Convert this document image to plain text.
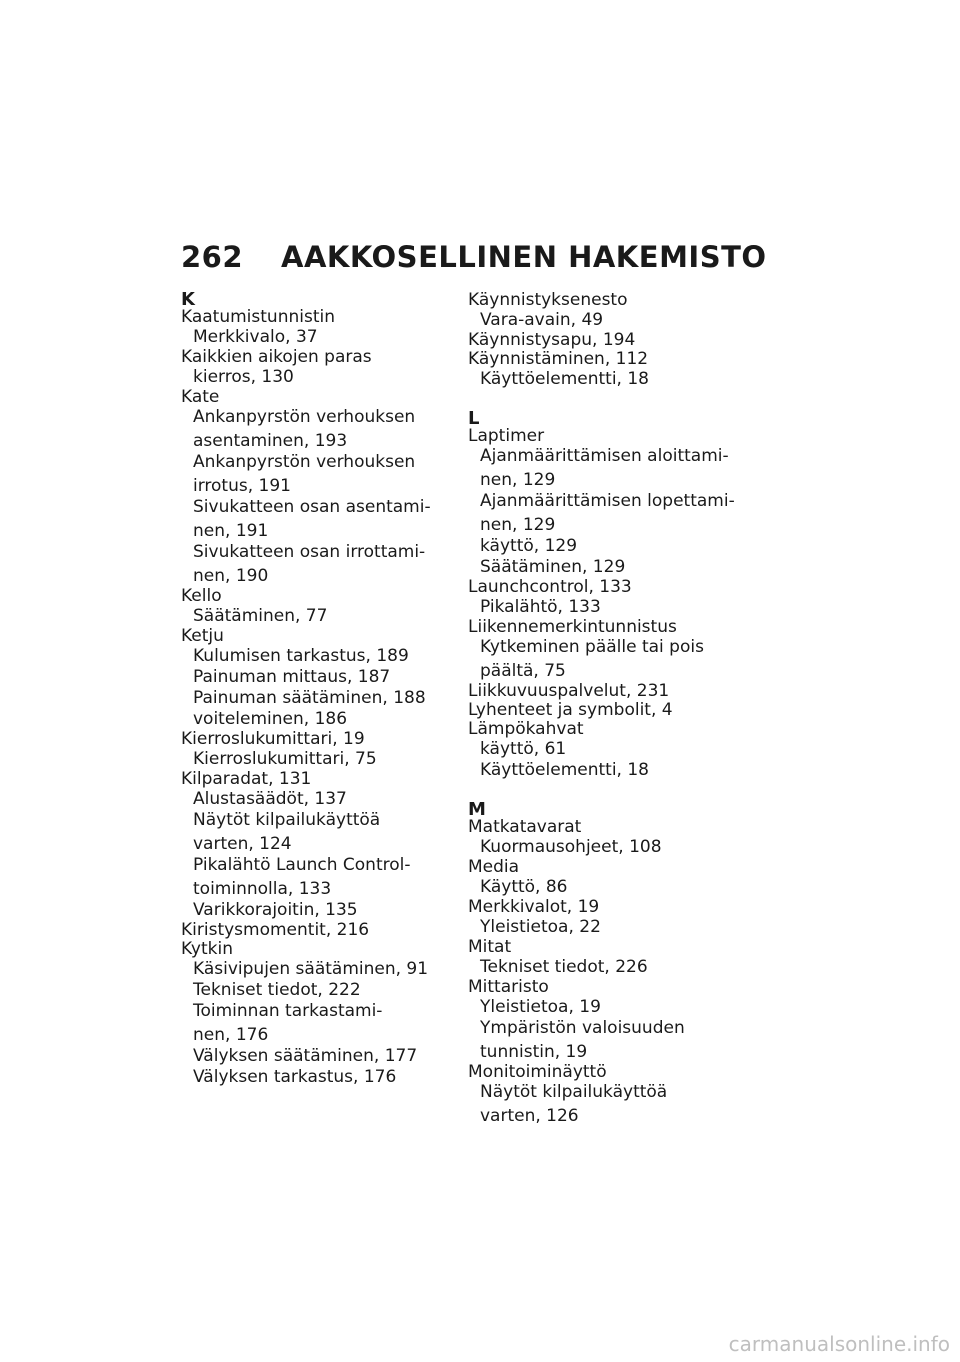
262 AAKKOSELLINEN HAKEMISTO
K
Kaatumistunnistin
Merkkivalo, 37
Kaikkien aikojen paras
kierros, 130
Kate
Ankanpyrstön verhouksen
asentaminen, 193
Ankanpyrstön verhouksen
irrotus, 191
Sivukatteen osan asentami-
nen, 191
Sivukatteen osan irrottami-
nen, 190
Kello
Säätäminen, 77
Ketju
Kulumisen tarkastus, 189
Painuman mittaus, 187
Painuman säätäminen, 188
voiteleminen, 186
Kierroslukumittari, 19
Kierroslukumittari, 75
Kilparadat, 131
Alustasäädöt, 137
Näytöt kilpailukäyttöä
varten, 124
Pikalähtö Launch Control-
toiminnolla, 133
Varikkorajoitin, 135
Kiristysmomentit, 216
Kytkin
Käsivipujen säätäminen, 91
Tekniset tiedot, 222
Toiminnan tarkastami-
nen, 176
Välyksen säätäminen, 177
Välyksen tarkastus, 176
Käynnistyksenesto
Vara-avain, 49
Käynnistysapu, 194
Käynnistäminen, 112
Käyttöelementti, 18
L
Laptimer
Ajanmäärittämisen aloittami-
nen, 129
Ajanmäärittämisen lopettami-
nen, 129
käyttö, 129
Säätäminen, 129
Launchcontrol, 133
Pikalähtö, 133
Liikennemerkintunnistus
Kytkeminen päälle tai pois
päältä, 75
Liikkuvuuspalvelut, 231
Lyhenteet ja symbolit, 4
Lämpökahvat
käyttö, 61
Käyttöelementti, 18
M
Matkatavarat
Kuormausohjeet, 108
Media
Käyttö, 86
Merkkivalot, 19
Yleistietoa, 22
Mitat
Tekniset tiedot, 226
Mittaristo
Yleistietoa, 19
Ympäristön valoisuuden
tunnistin, 19
Monitoiminäyttö
Näytöt kilpailukäyttöä
varten, 126
carmanualsonline.info
